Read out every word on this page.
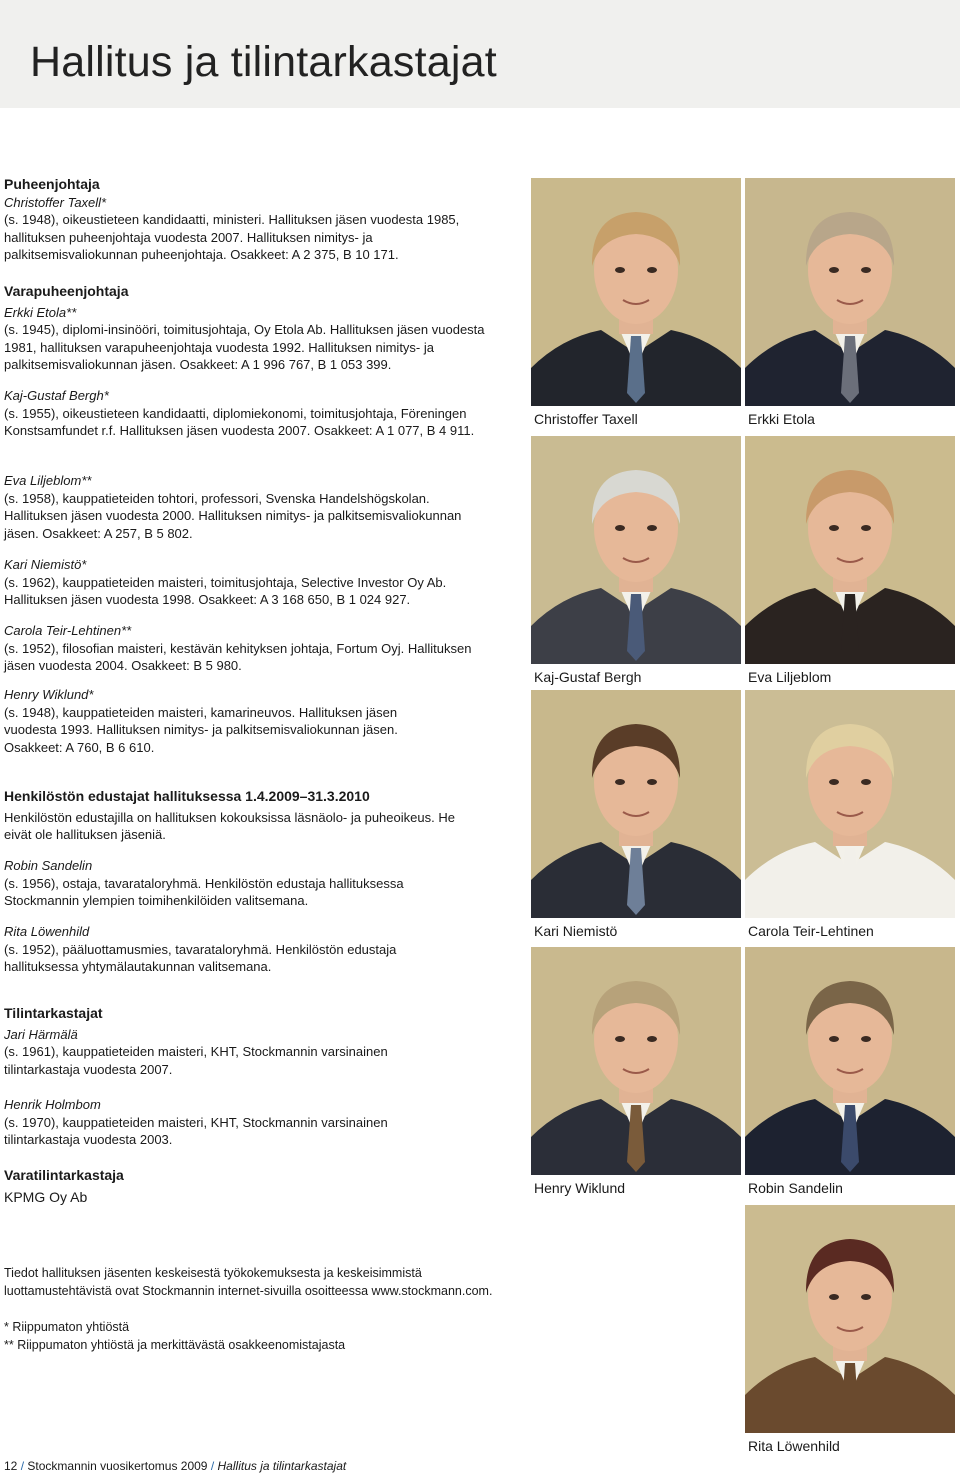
Hallitus ja tilintarkastajat

Puheenjohtaja

Christoffer Taxell*

(s. 1948), oikeustieteen kandidaatti, ministeri. Hallituksen jäsen vuodesta 1985, hallituksen puheenjohtaja vuodesta 2007. Hallituksen nimitys- ja palkitsemisvaliokunnan puheenjohtaja. Osakkeet: A 2 375, B 10 171.

Varapuheenjohtaja

Erkki Etola**

(s. 1945), diplomi-insinööri, toimitusjohtaja, Oy Etola Ab. Hallituksen jäsen vuodesta 1981, hallituksen varapuheenjohtaja vuodesta 1992. Hallituksen nimitys- ja palkitsemisvaliokunnan jäsen. Osakkeet: A 1 996 767, B 1 053 399.

Kaj-Gustaf Bergh*

(s. 1955), oikeustieteen kandidaatti, diplomiekonomi, toimitusjohtaja, Föreningen Konstsamfundet r.f. Hallituksen jäsen vuodesta 2007. Osakkeet: A 1 077, B 4 911.

Eva Liljeblom**

(s. 1958), kauppatieteiden tohtori, professori, Svenska Handelshögskolan. Hallituksen jäsen vuodesta 2000. Hallituksen nimitys- ja palkitsemisvaliokunnan jäsen. Osakkeet: A 257, B 5 802.

Kari Niemistö*

(s. 1962), kauppatieteiden maisteri, toimitusjohtaja, Selective Investor Oy Ab. Hallituksen jäsen vuodesta 1998. Osakkeet: A 3 168 650, B 1 024 927.

Carola Teir-Lehtinen**

(s. 1952), filosofian maisteri, kestävän kehityksen johtaja, Fortum Oyj. Hallituksen jäsen vuodesta 2004. Osakkeet: B 5 980.

Henry Wiklund*

(s. 1948), kauppatieteiden maisteri, kamarineuvos. Hallituksen jäsen vuodesta 1993. Hallituksen nimitys- ja palkitsemisvaliokunnan jäsen. Osakkeet: A 760, B 6 610.

Henkilöstön edustajat hallituksessa 1.4.2009–31.3.2010

Henkilöstön edustajilla on hallituksen kokouksissa läsnäolo- ja puheoikeus. He eivät ole hallituksen jäseniä.

Robin Sandelin

(s. 1956), ostaja, tavarataloryhmä. Henkilöstön edustaja hallituksessa Stockmannin ylempien toimihenkilöiden valitsemana.

Rita Löwenhild

(s. 1952), pääluottamusmies, tavarataloryhmä. Henkilöstön edustaja hallituksessa yhtymälautakunnan valitsemana.

Tilintarkastajat

Jari Härmälä

(s. 1961), kauppatieteiden maisteri, KHT, Stockmannin varsinainen tilintarkastaja vuodesta 2007.

Henrik Holmbom

(s. 1970), kauppatieteiden maisteri, KHT, Stockmannin varsinainen tilintarkastaja vuodesta 2003.

Varatilintarkastaja

KPMG Oy Ab

Tiedot hallituksen jäsenten keskeisestä työkokemuksesta ja keskeisimmistä luottamustehtävistä ovat Stockmannin internet-sivuilla osoitteessa www.stockmann.com.

* Riippumaton yhtiöstä

** Riippumaton yhtiöstä ja merkittävästä osakkeenomistajasta

Christoffer Taxell	Erkki Etola
Kaj-Gustaf Bergh	Eva Liljeblom
Kari Niemistö	Carola Teir-Lehtinen
Henry Wiklund	Robin Sandelin
Rita Löwenhild
12 / Stockmannin vuosikertomus 2009 / Hallitus ja tilintarkastajat
